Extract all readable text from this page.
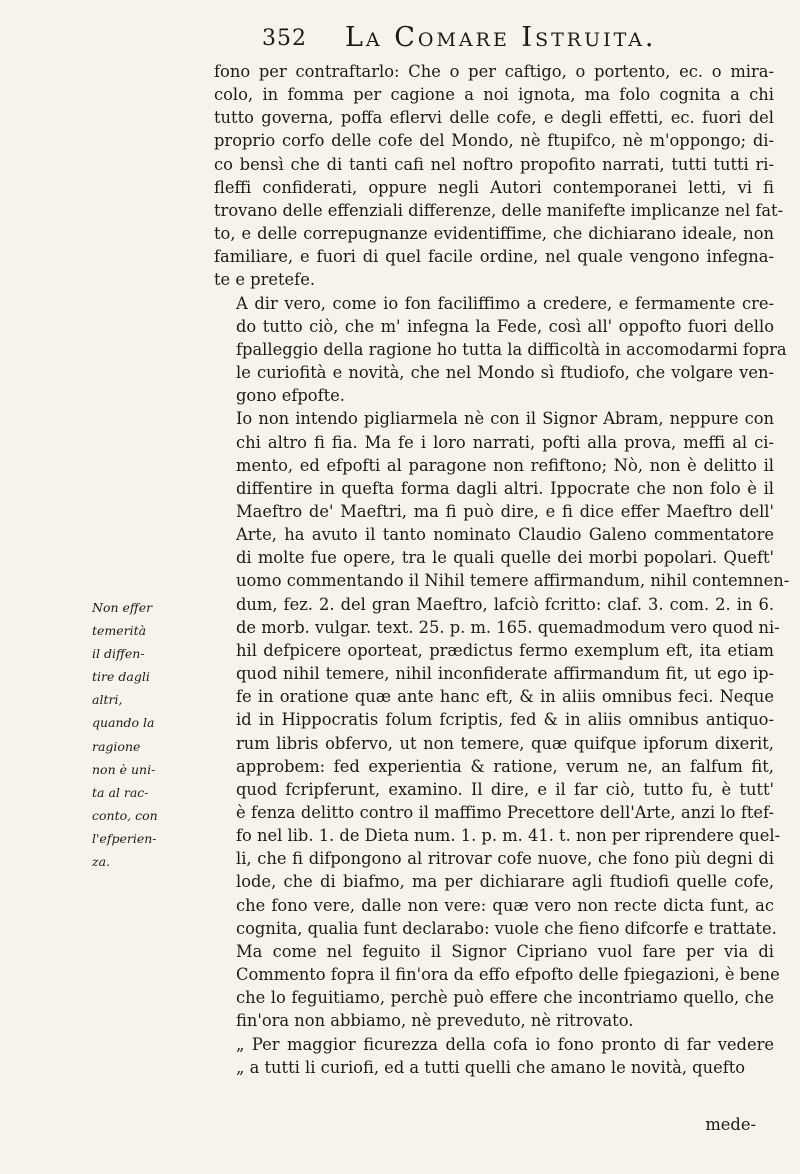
352 La Comare Istruita.

fono per contraftarlo: Che o per caftigo, o portento, ec. o mira-
colo, in fomma per cagione a noi ignota, ma folo cognita a chi
tutto governa, poffa eflervi delle cofe, e degli effetti, ec. fuori del
proprio corfo delle cofe del Mondo, nè ftupifco, nè m'oppongo; di-
co bensì che di tanti cafi nel noftro propofito narrati, tutti tutti ri-
fleffi confiderati, oppure negli Autori contemporanei letti, vi fi
trovano delle effenziali differenze, delle manifefte implicanze nel fat-
to, e delle correpugnanze evidentiffime, che dichiarano ideale, non
familiare, e fuori di quel facile ordine, nel quale vengono infegna-
te e pretefe.

A dir vero, come io fon faciliffimo a credere, e fermamente cre-
do tutto ciò, che m' infegna la Fede, così all' oppofto fuori dello
fpalleggio della ragione ho tutta la difficoltà in accomodarmi fopra
le curiofità e novità, che nel Mondo sì ftudiofo, che volgare ven-
gono efpofte.

Io non intendo pigliarmela nè con il Signor Abram, neppure con
chi altro fi fia. Ma fe i loro narrati, pofti alla prova, meffi al ci-
mento, ed efpofti al paragone non refiftono; Nò, non è delitto il
diffentire in quefta forma dagli altri. Ippocrate che non folo è il
Maeftro de' Maeftri, ma fi può dire, e fi dice effer Maeftro dell'
Arte, ha avuto il tanto nominato Claudio Galeno commentatore
di molte fue opere, tra le quali quelle dei morbi popolari. Queft'
uomo commentando il Nihil temere affirmandum, nihil contemnen-
dum, fez. 2. del gran Maeftro, lafciò fcritto: claf. 3. com. 2. in 6.
de morb. vulgar. text. 25. p. m. 165. quemadmodum vero quod ni-
hil defpicere oporteat, prædictus fermo exemplum eft, ita etiam
quod nihil temere, nihil inconfiderate affirmandum fit, ut ego ip-
fe in oratione quæ ante hanc eft, & in aliis omnibus feci. Neque
id in Hippocratis folum fcriptis, fed & in aliis omnibus antiquo-
rum libris obfervo, ut non temere, quæ quifque ipforum dixerit,
approbem: fed experientia & ratione, verum ne, an falfum fit,
quod fcripferunt, examino. Il dire, e il far ciò, tutto fu, è tutt'
è fenza delitto contro il maffimo Precettore dell'Arte, anzi lo ftef-
fo nel lib. 1. de Dieta num. 1. p. m. 41. t. non per riprendere quel-
li, che fi difpongono al ritrovar cofe nuove, che fono più degni di
lode, che di biafmo, ma per dichiarare agli ftudiofi quelle cofe,
che fono vere, dalle non vere: quæ vero non recte dicta funt, ac
cognita, qualia funt declarabo: vuole che fieno difcorfe e trattate.

Ma come nel feguito il Signor Cipriano vuol fare per via di
Commento fopra il fin'ora da effo efpofto delle fpiegazioni, è bene
che lo feguitiamo, perchè può effere che incontriamo quello, che
fin'ora non abbiamo, nè preveduto, nè ritrovato.

„ Per maggior ficurezza della cofa io fono pronto di far vedere
„ a tutti li curiofi, ed a tutti quelli che amano le novità, quefto

Non effer
temerità
il diffen-
tire dagli
altri,
quando la
ragione
non è uni-
ta al rac-
conto, con
l'efperien-
za.
mede-
